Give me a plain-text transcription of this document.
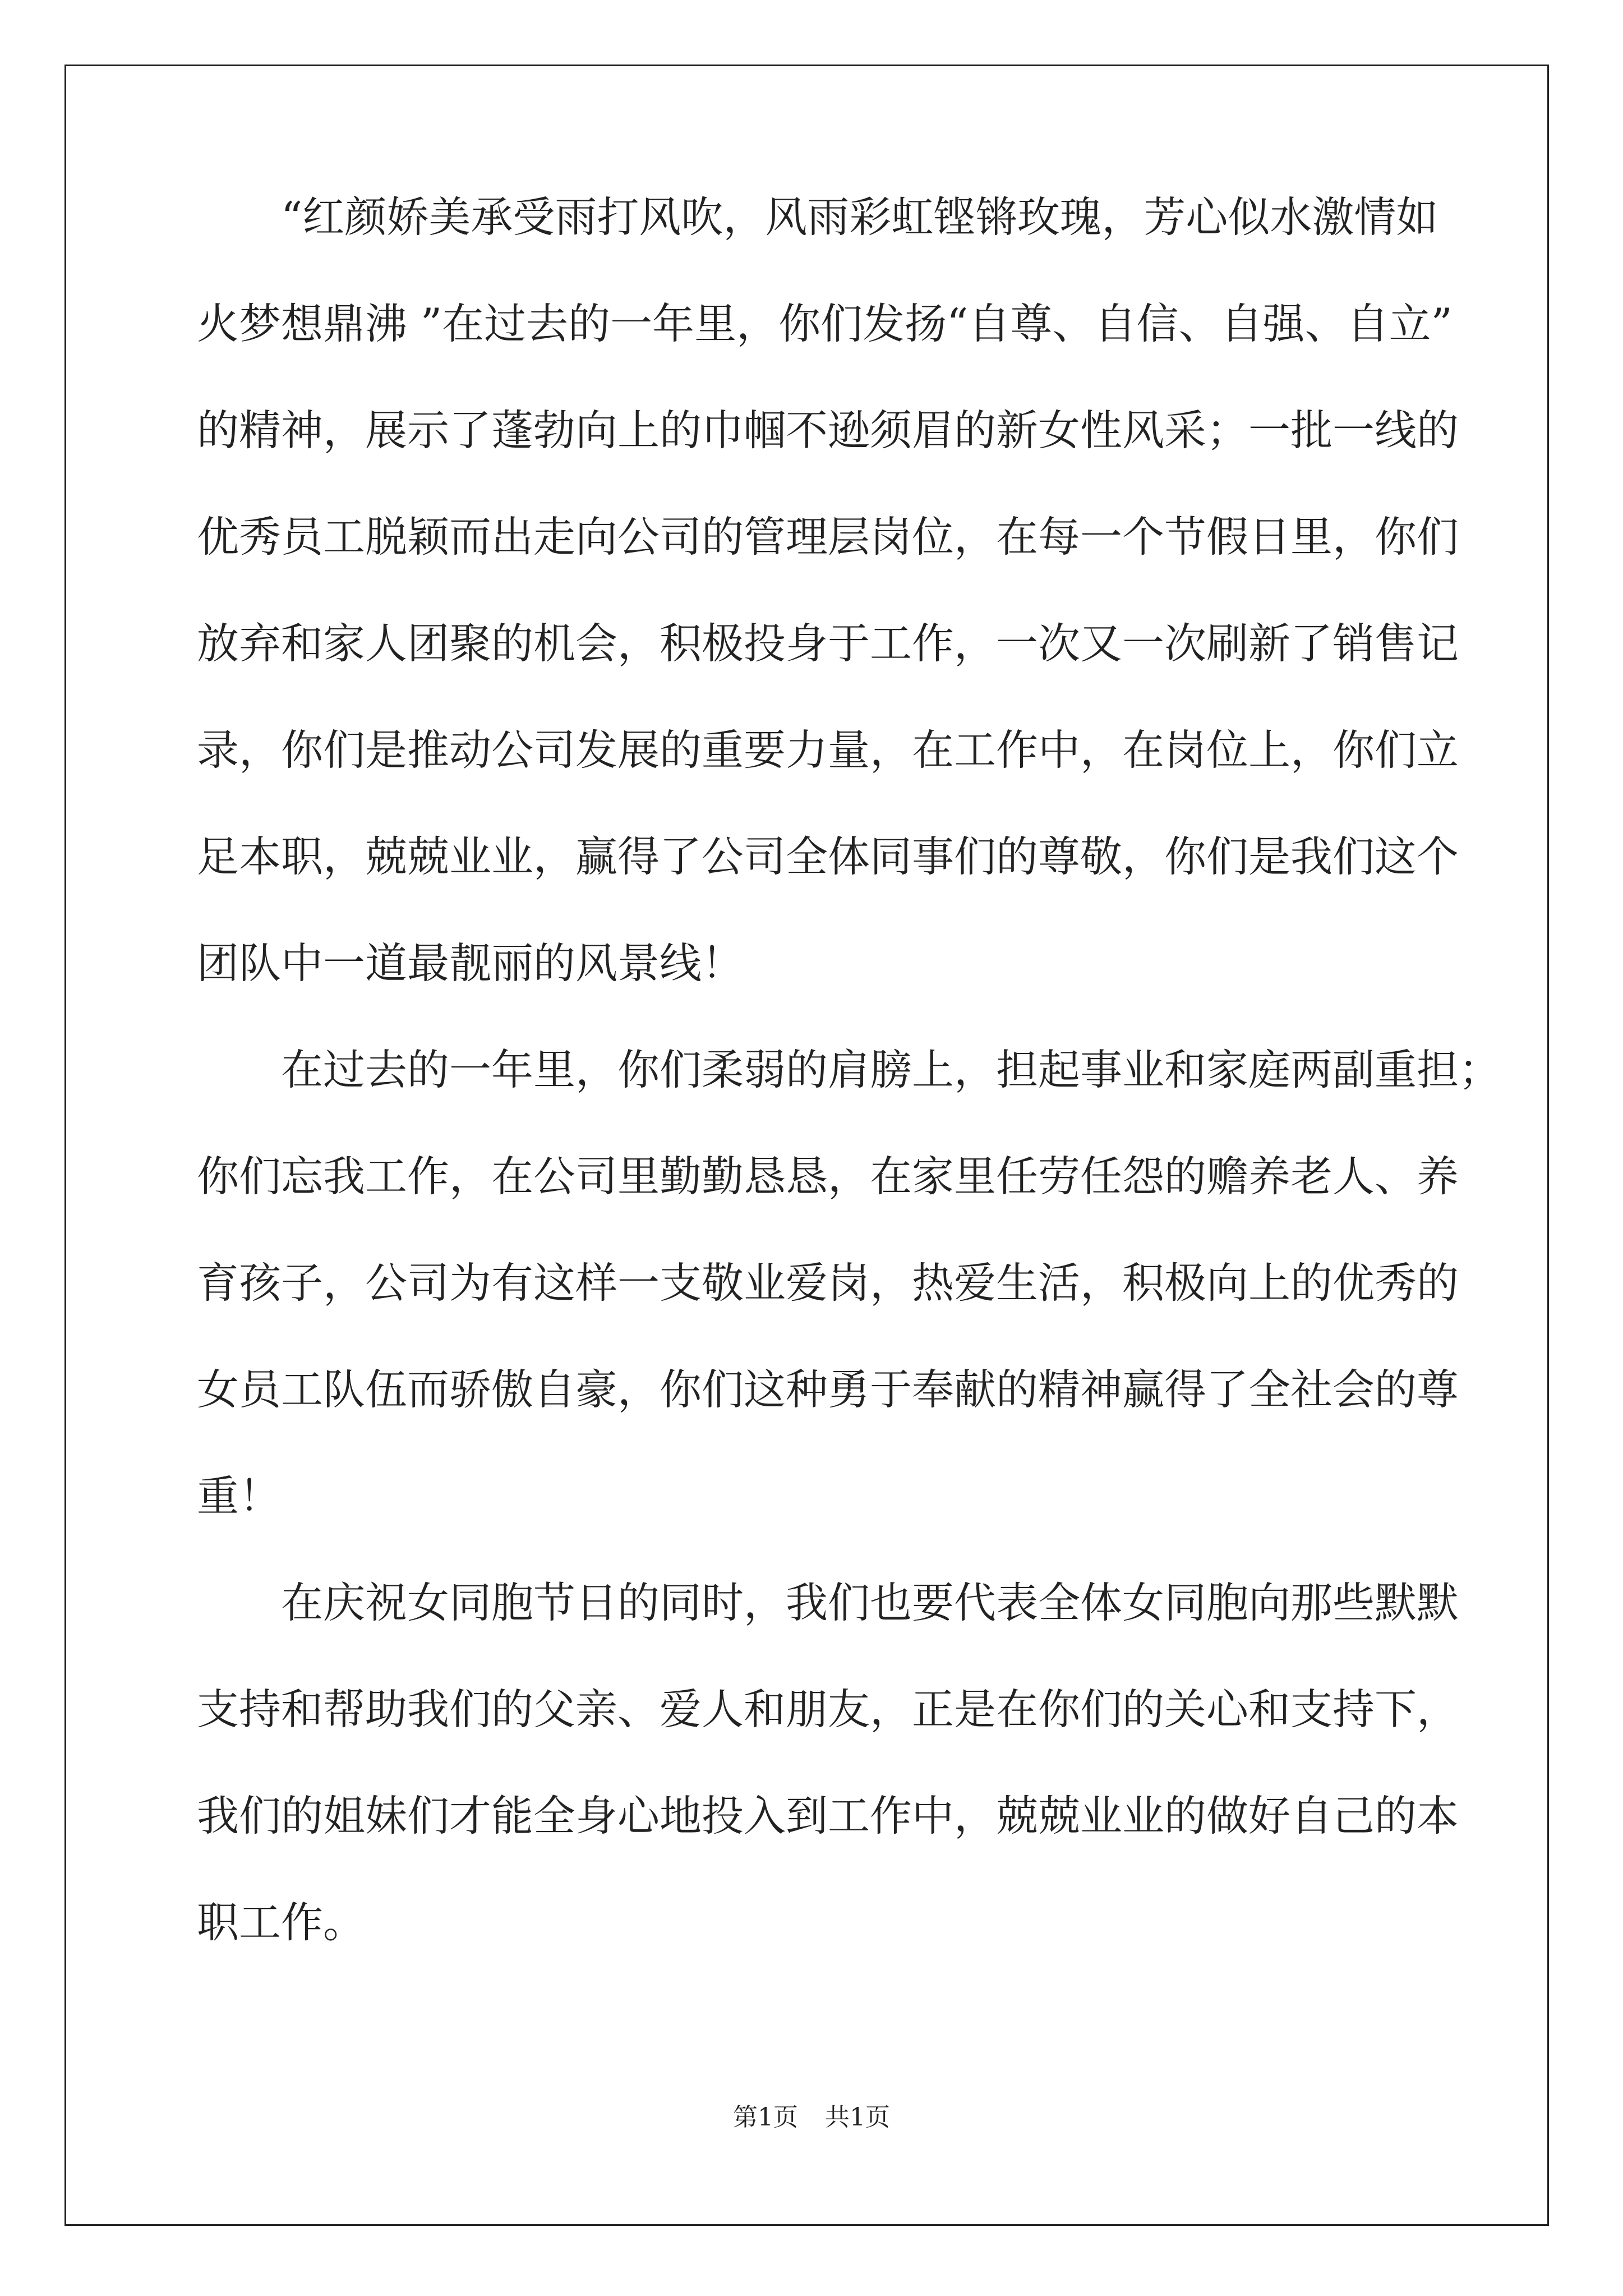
“红颜娇美承受雨打风吹，风雨彩虹铿锵玫瑰，芳心似水激情如
火梦想鼎沸 ”在过去的一年里，你们发扬“自尊、自信、自强、自立”
的精神，展示了蓬勃向上的巾帼不逊须眉的新女性风采；一批一线的
优秀员工脱颖而出走向公司的管理层岗位，在每一个节假日里，你们
放弃和家人团聚的机会，积极投身于工作，一次又一次刷新了销售记
录，你们是推动公司发展的重要力量，在工作中，在岗位上，你们立
足本职，兢兢业业，赢得了公司全体同事们的尊敬，你们是我们这个
团队中一道最靓丽的风景线！
在过去的一年里，你们柔弱的肩膀上，担起事业和家庭两副重担；
你们忘我工作，在公司里勤勤恳恳，在家里任劳任怨的赡养老人、养
育孩子，公司为有这样一支敬业爱岗，热爱生活，积极向上的优秀的
女员工队伍而骄傲自豪，你们这种勇于奉献的精神赢得了全社会的尊
重！
在庆祝女同胞节日的同时，我们也要代表全体女同胞向那些默默
支持和帮助我们的父亲、爱人和朋友，正是在你们的关心和支持下，
我们的姐妹们才能全身心地投入到工作中，兢兢业业的做好自己的本
职工作。
第1页 共1页
